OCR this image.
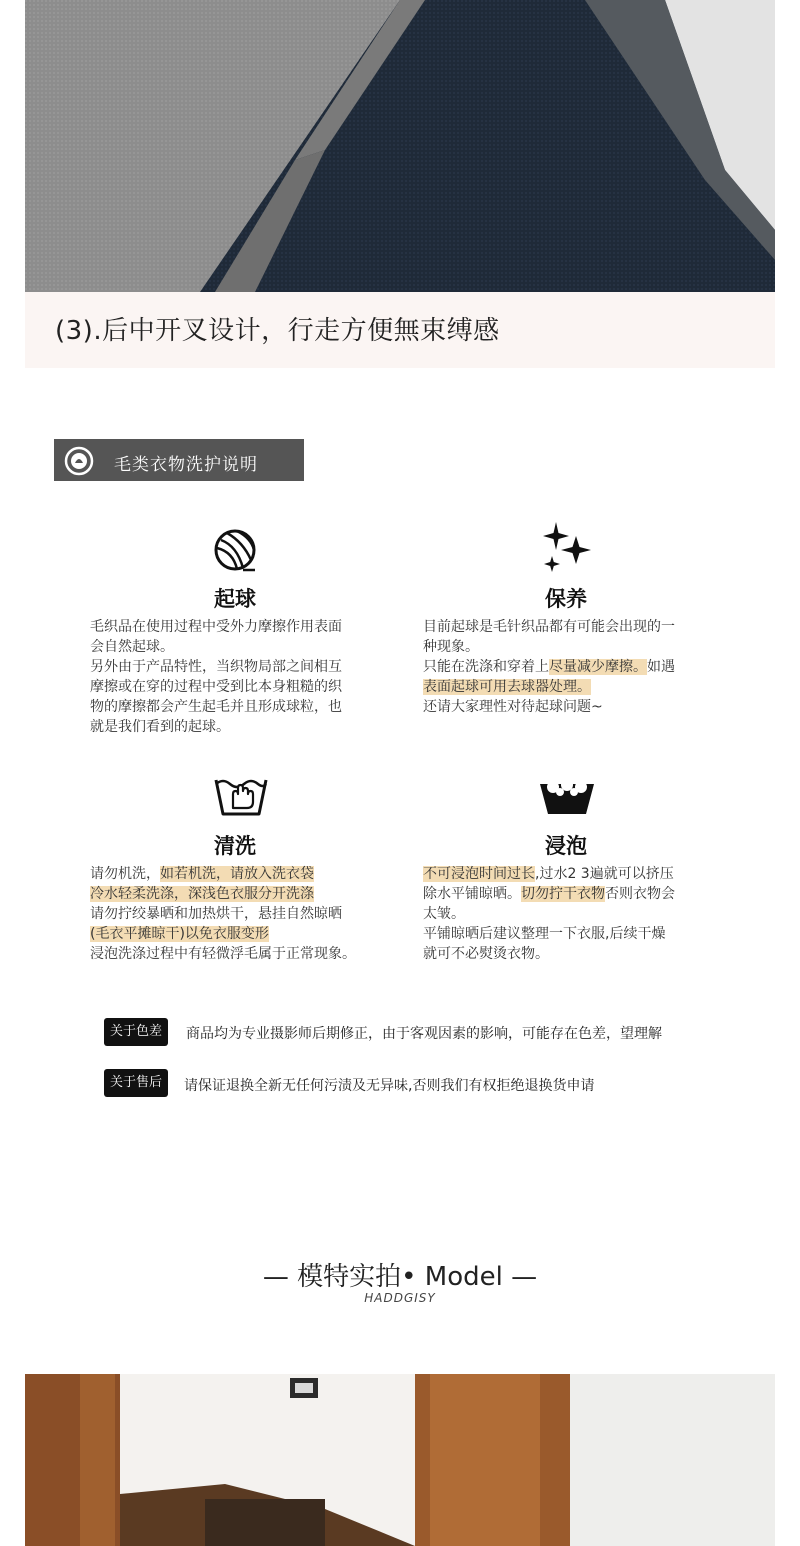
(3).后中开叉设计，行走方便無束缚感
毛类衣物洗护说明
起球

毛织品在使用过程中受外力摩擦作用表面

会自然起球。

另外由于产品特性，当织物局部之间相互

摩擦或在穿的过程中受到比本身粗糙的织

物的摩擦都会产生起毛并且形成球粒，也

就是我们看到的起球。

保养

目前起球是毛针织品都有可能会出现的一

种现象。

只能在洗涤和穿着上尽量减少摩擦。如遇

表面起球可用去球器处理。

还请大家理性对待起球问题~

清洗

请勿机洗，如若机洗，请放入洗衣袋

冷水轻柔洗涤，深浅色衣服分开洗涤

请勿拧绞暴晒和加热烘干，悬挂自然晾晒

(毛衣平摊晾干)以免衣服变形

浸泡洗涤过程中有轻微浮毛属于正常现象。

浸泡

不可浸泡时间过长,过水2 3遍就可以挤压

除水平铺晾晒。切勿拧干衣物否则衣物会

太皱。

平铺晾晒后建议整理一下衣服,后续干燥

就可不必熨烫衣物。

关于色差	商品均为专业摄影师后期修正，由于客观因素的影响，可能存在色差，望理解
关于售后	请保证退换全新无任何污渍及无异味,否则我们有权拒绝退换货申请
— 模特实拍• Model —
HADDGISY
